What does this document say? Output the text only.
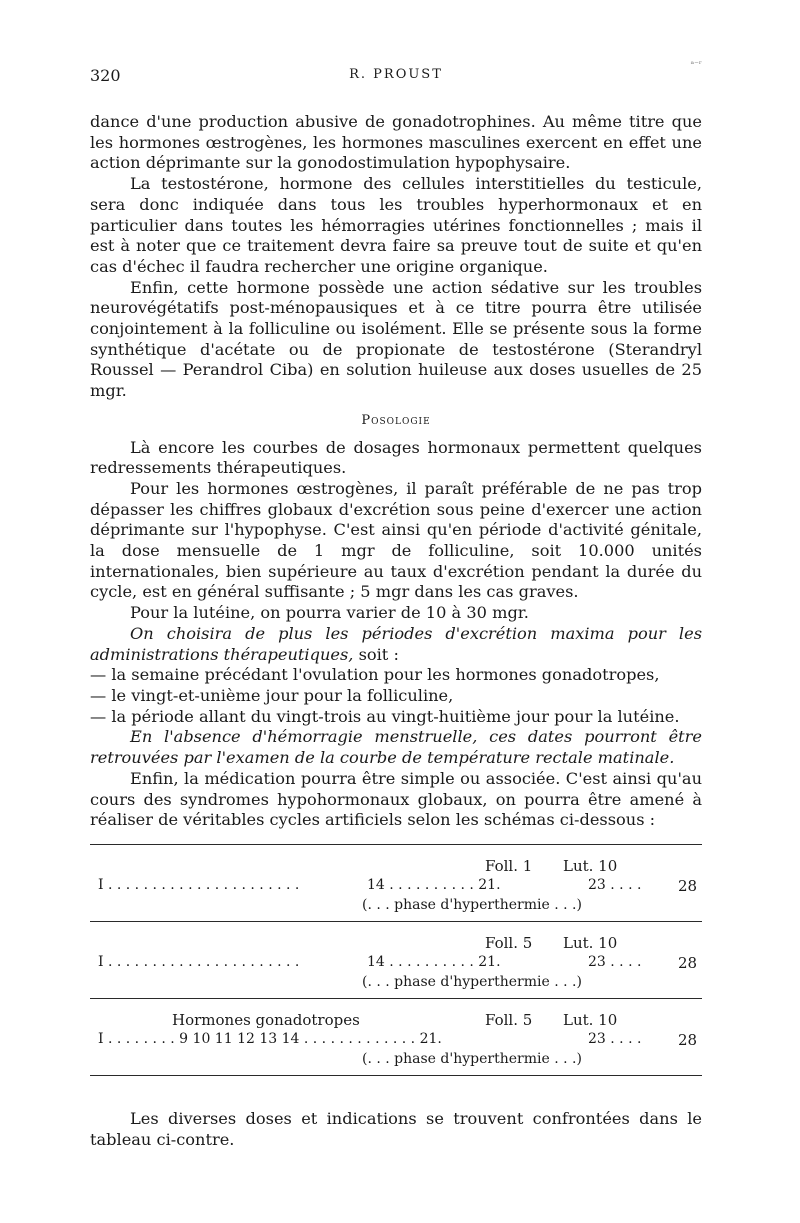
320	R. PROUST
ᵃ⁻ʳ

dance d'une production abusive de gonadotrophines. Au même titre que les hormones œstrogènes, les hormones masculines exercent en effet une action déprimante sur la gonodostimulation hypophysaire.

La testostérone, hormone des cellules interstitielles du testicule, sera donc indiquée dans tous les troubles hyperhormonaux et en particulier dans toutes les hémorragies utérines fonctionnelles ; mais il est à noter que ce traitement devra faire sa preuve tout de suite et qu'en cas d'échec il faudra rechercher une origine organique.

Enfin, cette hormone possède une action sédative sur les troubles neurovégétatifs post-ménopausiques et à ce titre pourra être utilisée conjointement à la folliculine ou isolément. Elle se présente sous la forme synthétique d'acétate ou de propionate de testostérone (Sterandryl Roussel — Perandrol Ciba) en solution huileuse aux doses usuelles de 25 mgr.

Posologie

Là encore les courbes de dosages hormonaux permettent quelques redressements thérapeutiques.

Pour les hormones œstrogènes, il paraît préférable de ne pas trop dépasser les chiffres globaux d'excrétion sous peine d'exercer une action déprimante sur l'hypophyse. C'est ainsi qu'en période d'activité génitale, la dose mensuelle de 1 mgr de folliculine, soit 10.000 unités internationales, bien supérieure au taux d'excrétion pendant la durée du cycle, est en général suffisante ; 5 mgr dans les cas graves.

Pour la lutéine, on pourra varier de 10 à 30 mgr.

On choisira de plus les périodes d'excrétion maxima pour les administrations thérapeutiques, soit :

— la semaine précédant l'ovulation pour les hormones gonadotropes,

— le vingt-et-unième jour pour la folliculine,

— la période allant du vingt-trois au vingt-huitième jour pour la lutéine.

En l'absence d'hémorragie menstruelle, ces dates pourront être retrouvées par l'examen de la courbe de température rectale matinale.

Enfin, la médication pourra être simple ou associée. C'est ainsi qu'au cours des syndromes hypohormonaux globaux, on pourra être amené à réaliser de véritables cycles artificiels selon les schémas ci-dessous :

Foll. 1 Lut. 10
I . . . . . . . . . . . . . . . . . . . . . .	14 . . . . . . . . . . 21.	23 . . . . 28
(. . . phase d'hyperthermie . . .)
Foll. 5 Lut. 10
I . . . . . . . . . . . . . . . . . . . . . .	14 . . . . . . . . . . 21.	23 . . . . 28
(. . . phase d'hyperthermie . . .)
Hormones gonadotropes	Foll. 5 Lut. 10
I . . . . . . . . 9 10 11 12 13 14 . . . . . . . . . . . . . 21.	23 . . . . 28
(. . . phase d'hyperthermie . . .)

Les diverses doses et indications se trouvent confrontées dans le tableau ci-contre.
